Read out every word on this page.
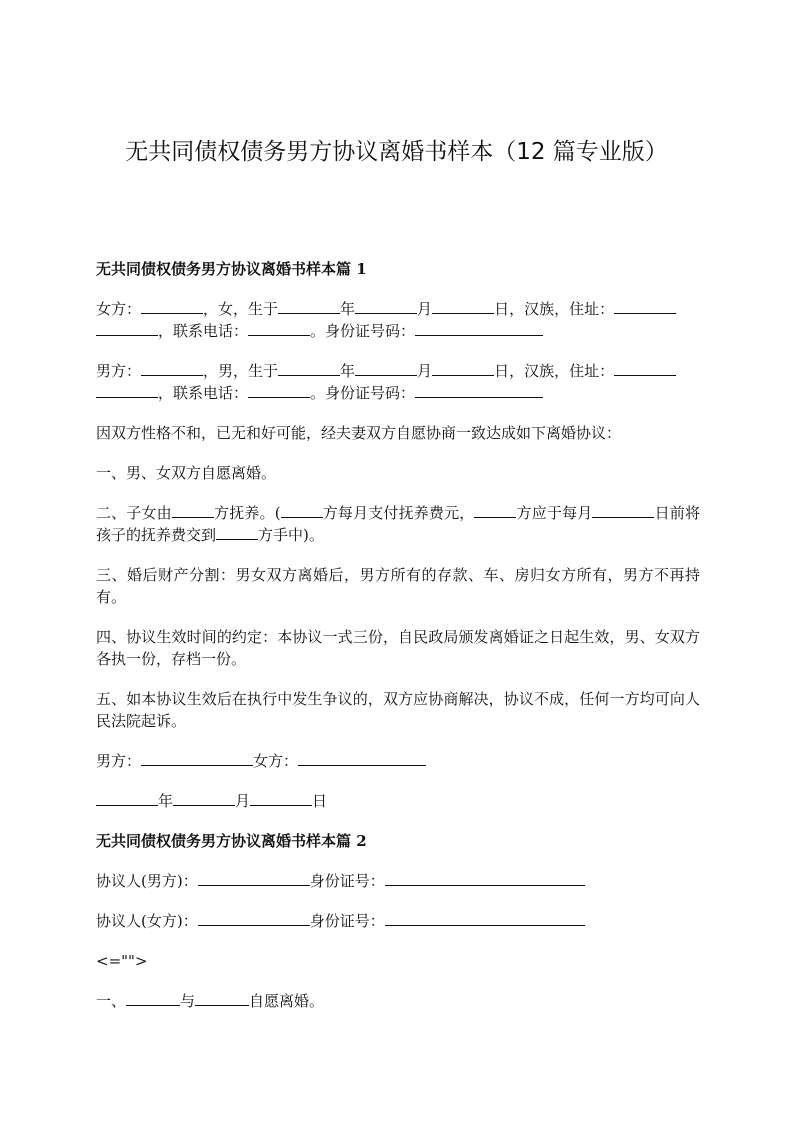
无共同债权债务男方协议离婚书样本（12 篇专业版）
无共同债权债务男方协议离婚书样本篇 1
女方：	，女，生于	年	月	日，汉族，住址：
，联系电话：	。身份证号码：
男方：	，男，生于	年	月	日，汉族，住址：
，联系电话：	。身份证号码：
因双方性格不和，已无和好可能，经夫妻双方自愿协商一致达成如下离婚协议：
一、男、女双方自愿离婚。
二、子女由	方抚养。(	方每月支付抚养费元，	方应于每月	日前将孩子的抚养费交到	方手中)。
三、婚后财产分割：男女双方离婚后，男方所有的存款、车、房归女方所有，男方不再持有。
四、协议生效时间的约定：本协议一式三份，自民政局颁发离婚证之日起生效，男、女双方各执一份，存档一份。
五、如本协议生效后在执行中发生争议的，双方应协商解决，协议不成，任何一方均可向人民法院起诉。
男方：	女方：
年	月	日
无共同债权债务男方协议离婚书样本篇 2
协议人(男方)：	身份证号：
协议人(女方)：	身份证号：
<="">
一、	与	自愿离婚。
